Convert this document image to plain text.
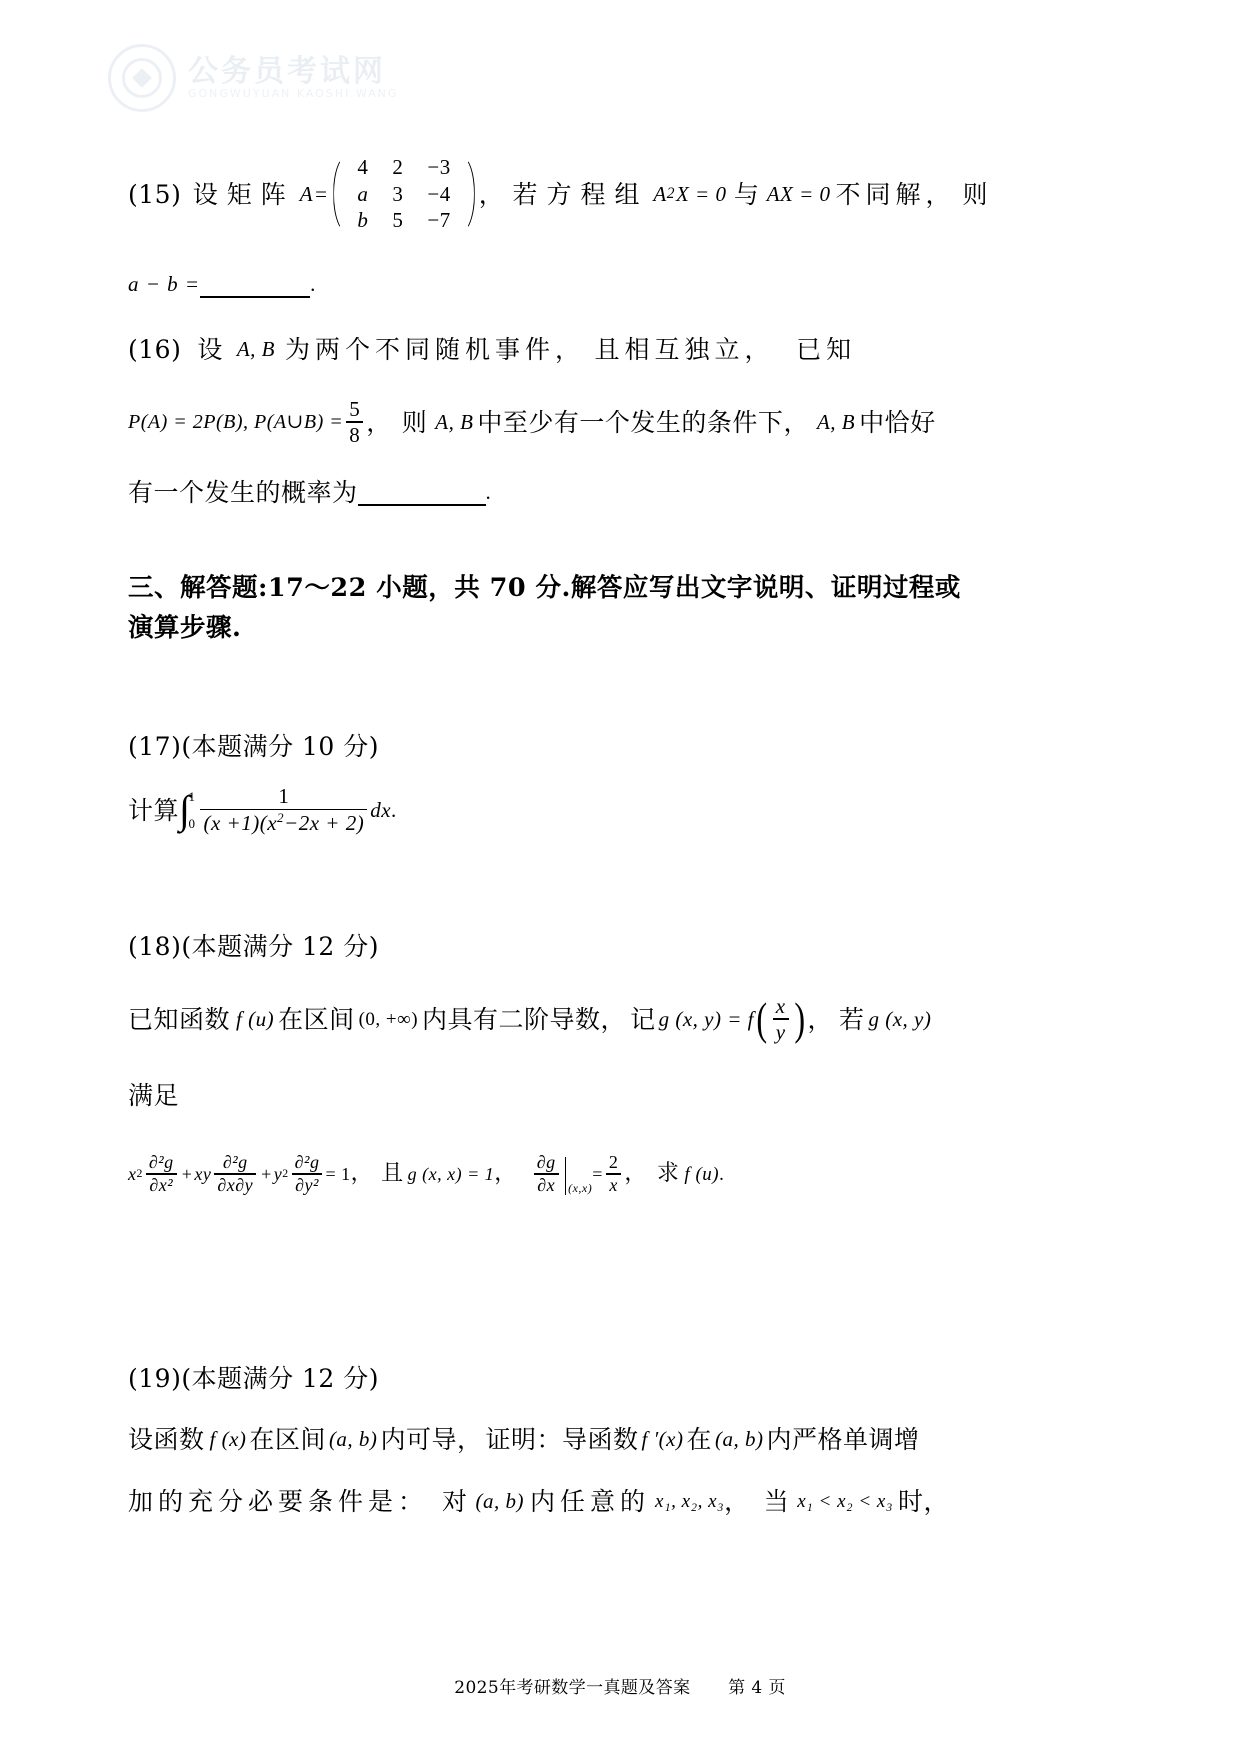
公务员考试网
GONGWUYUAN KAOSHI WANG
(15) 设矩阵 A =
4	2	−3
a	3	−4
b	5	−7
， 若方程组 A 2 X = 0 与 AX = 0 不同解 ， 则
a − b =	.
(16) 设 A, B 为两个不同随机事件 ， 且相互独立 ， 已知
P(A) = 2P(B), P(A∪B) = $\frac{5}{8}$ ， 则 A, B 中至少有一个发生的条件下 ， A, B 中恰好
有一个发生的概率为	.
三、解答题:17～22 小题，共 70 分.解答应写出文字说明、证明过程或
演算步骤.
(17) (本题满分 10 分)
计算 ∫
1
$0 \frac{1}{(x +1)(x^2-2x + 2)}$ dx .
(18) (本题满分 12 分)
已知函数 f (u) 在区间 (0, +∞) 内具有二阶导数 ， 记 g (x, y) = f ( $\frac{x}{y}$ ) ， 若 g (x, y)
满足
x $2 \frac{\text{∂²g}}{\text{∂x²}}$ + xy $\frac{\text{∂²g}}{\partial x\partial y} + y$ $2 \frac{\text{∂²g}}{\text{∂y²}} = 1$ ， 且 g (x, x) = 1 ， $\frac{\partial g}{\partial x} (x,x)$
= $\frac{2}{x}$ ， 求 f (u) .
(19) (本题满分 12 分)
设函数 f (x) 在区间 (a, b) 内可导 ， 证明：导函数 f ′(x) 在 (a, b) 内严格单调增
加的充分必要条件是： 对 (a, b) 内任意的 x₁, x₂, x₃ ， 当 x₁ < x₂ < x₃ 时 ，
2025年考研数学一真题及答案 第 4 页
